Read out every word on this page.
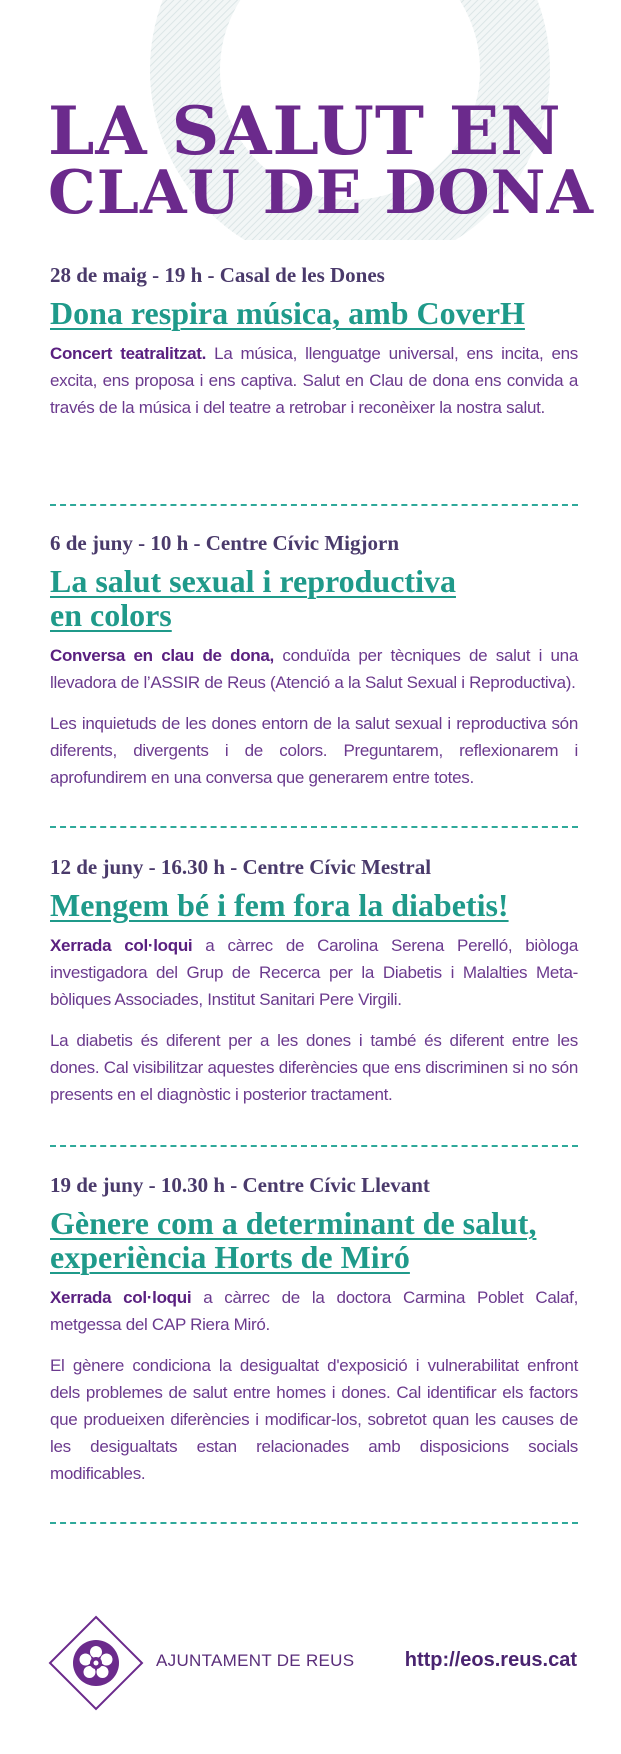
LA SALUT EN
CLAU DE DONA

28 de maig - 19 h - Casal de les Dones

Dona respira música, amb CoverH

Concert teatralitzat. La música, llenguatge universal, ens incita, ens excita, ens proposa i ens captiva. Salut en Clau de dona ens convida a través de la música i del teatre a retrobar i reconèixer la nostra salut.

6 de juny - 10 h - Centre Cívic Migjorn

La salut sexual i reproductiva
en colors

Conversa en clau de dona, conduïda per tècniques de salut i una llevadora de l’ASSIR de Reus (Atenció a la Salut Sexual i Reproductiva).

Les inquietuds de les dones entorn de la salut sexual i reproductiva són diferents, divergents i de colors. Preguntarem, reflexionarem i aprofundirem en una conversa que generarem entre totes.

12 de juny - 16.30 h - Centre Cívic Mestral

Mengem bé i fem fora la diabetis!

Xerrada col·loqui a càrrec de Carolina Serena Perelló, biòloga investigadora del Grup de Recerca per la Diabetis i Malalties Meta-bòliques Associades, Institut Sanitari Pere Virgili.

La diabetis és diferent per a les dones i també és diferent entre les dones. Cal visibilitzar aquestes diferències que ens discriminen si no són presents en el diagnòstic i posterior tractament.

19 de juny - 10.30 h - Centre Cívic Llevant

Gènere com a determinant de salut,
experiència Horts de Miró

Xerrada col·loqui a càrrec de la doctora Carmina Poblet Calaf, metgessa del CAP Riera Miró.

El gènere condiciona la desigualtat d'exposició i vulnerabilitat enfront dels problemes de salut entre homes i dones. Cal identificar els factors que produeixen diferències i modificar-los, sobretot quan les causes de les desigualtats estan relacionades amb disposicions socials modificables.

AJUNTAMENT DE REUS	http://eos.reus.cat
